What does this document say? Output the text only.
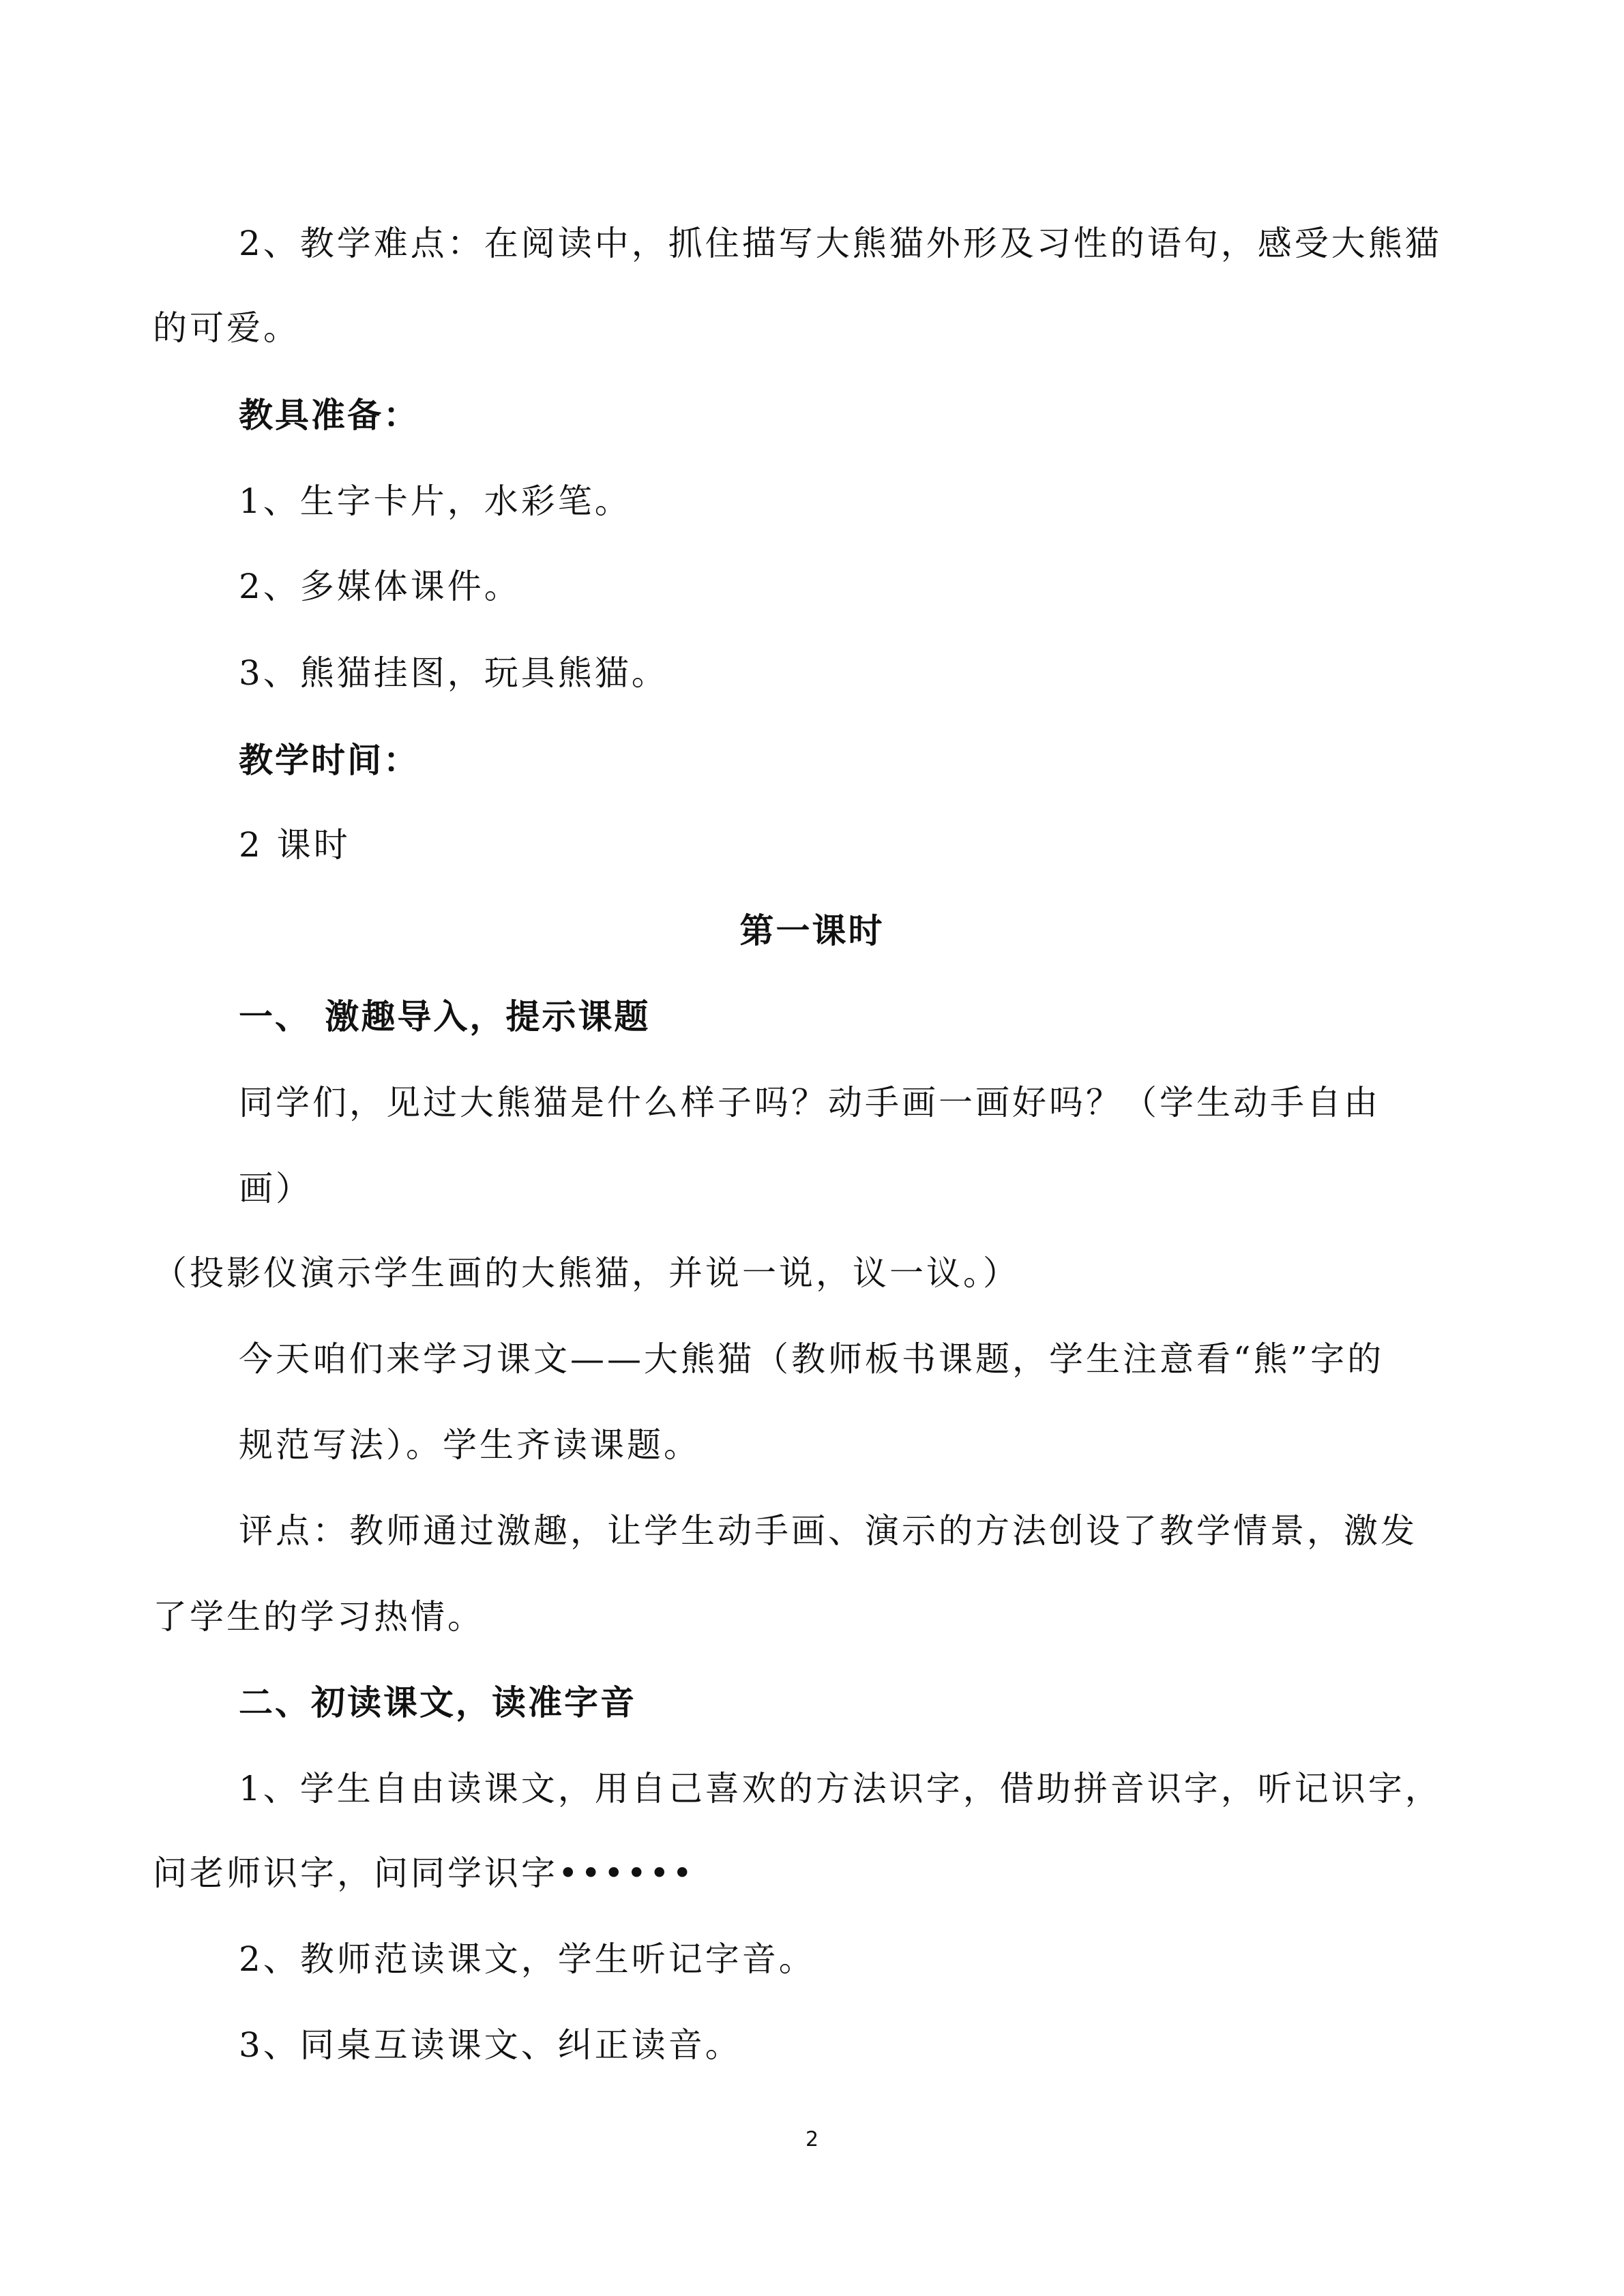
2、教学难点：在阅读中，抓住描写大熊猫外形及习性的语句，感受大熊猫
的可爱。
教具准备：
1、生字卡片，水彩笔。
2、多媒体课件。
3、熊猫挂图，玩具熊猫。
教学时间：
2 课时
第一课时
一、 激趣导入，提示课题
同学们，见过大熊猫是什么样子吗？动手画一画好吗？（学生动手自由
画）
（投影仪演示学生画的大熊猫，并说一说，议一议。）
今天咱们来学习课文——大熊猫（教师板书课题，学生注意看“熊”字的
规范写法）。学生齐读课题。
评点：教师通过激趣，让学生动手画、演示的方法创设了教学情景，激发
了学生的学习热情。
二、初读课文，读准字音
1、学生自由读课文，用自己喜欢的方法识字，借助拼音识字，听记识字，
问老师识字，问同学识字••••••
2、教师范读课文，学生听记字音。
3、同桌互读课文、纠正读音。
2
